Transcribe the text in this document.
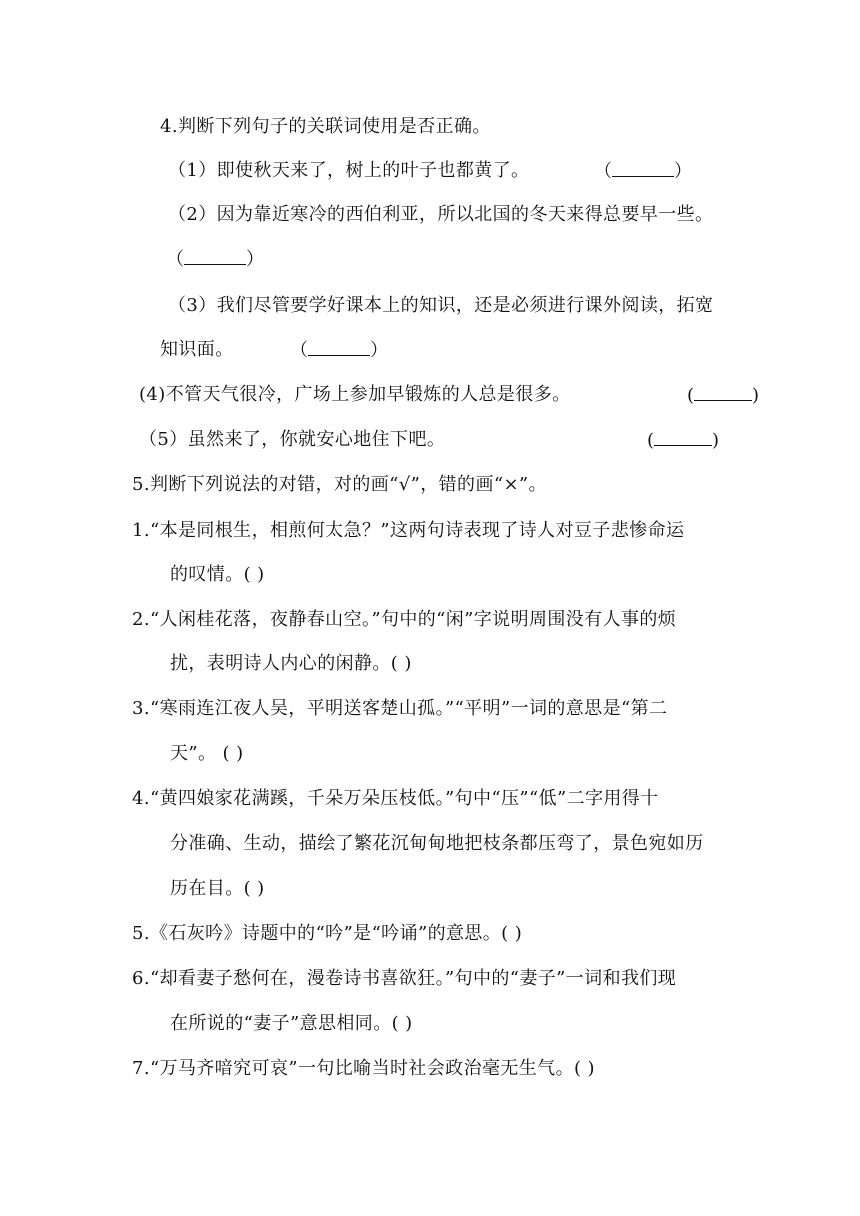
4.判断下列句子的关联词使用是否正确。
（1）即使秋天来了，树上的叶子也都黄了。	（	）
（2）因为靠近寒冷的西伯利亚，所以北国的冬天来得总要早一些。
（	）
（3）我们尽管要学好课本上的知识，还是必须进行课外阅读，拓宽
知识面。	（	）
(4)不管天气很冷，广场上参加早锻炼的人总是很多。	(	)
（5）虽然来了，你就安心地住下吧。	(	)
5.判断下列说法的对错，对的画“√”，错的画“×”。
1.“本是同根生，相煎何太急？”这两句诗表现了诗人对豆子悲惨命运
的叹情。( )
2.“人闲桂花落，夜静春山空。”句中的“闲”字说明周围没有人事的烦
扰，表明诗人内心的闲静。( )
3.“寒雨连江夜人吴，平明送客楚山孤。”“平明”一词的意思是“第二
天”。 ( )
4.“黄四娘家花满蹊，千朵万朵压枝低。”句中“压”“低”二字用得十
分准确、生动，描绘了繁花沉甸甸地把枝条都压弯了，景色宛如历
历在目。( )
5.《石灰吟》诗题中的“吟”是“吟诵”的意思。( )
6.“却看妻子愁何在，漫卷诗书喜欲狂。”句中的“妻子”一词和我们现
在所说的“妻子”意思相同。( )
7.“万马齐喑究可哀”一句比喻当时社会政治毫无生气。( )
